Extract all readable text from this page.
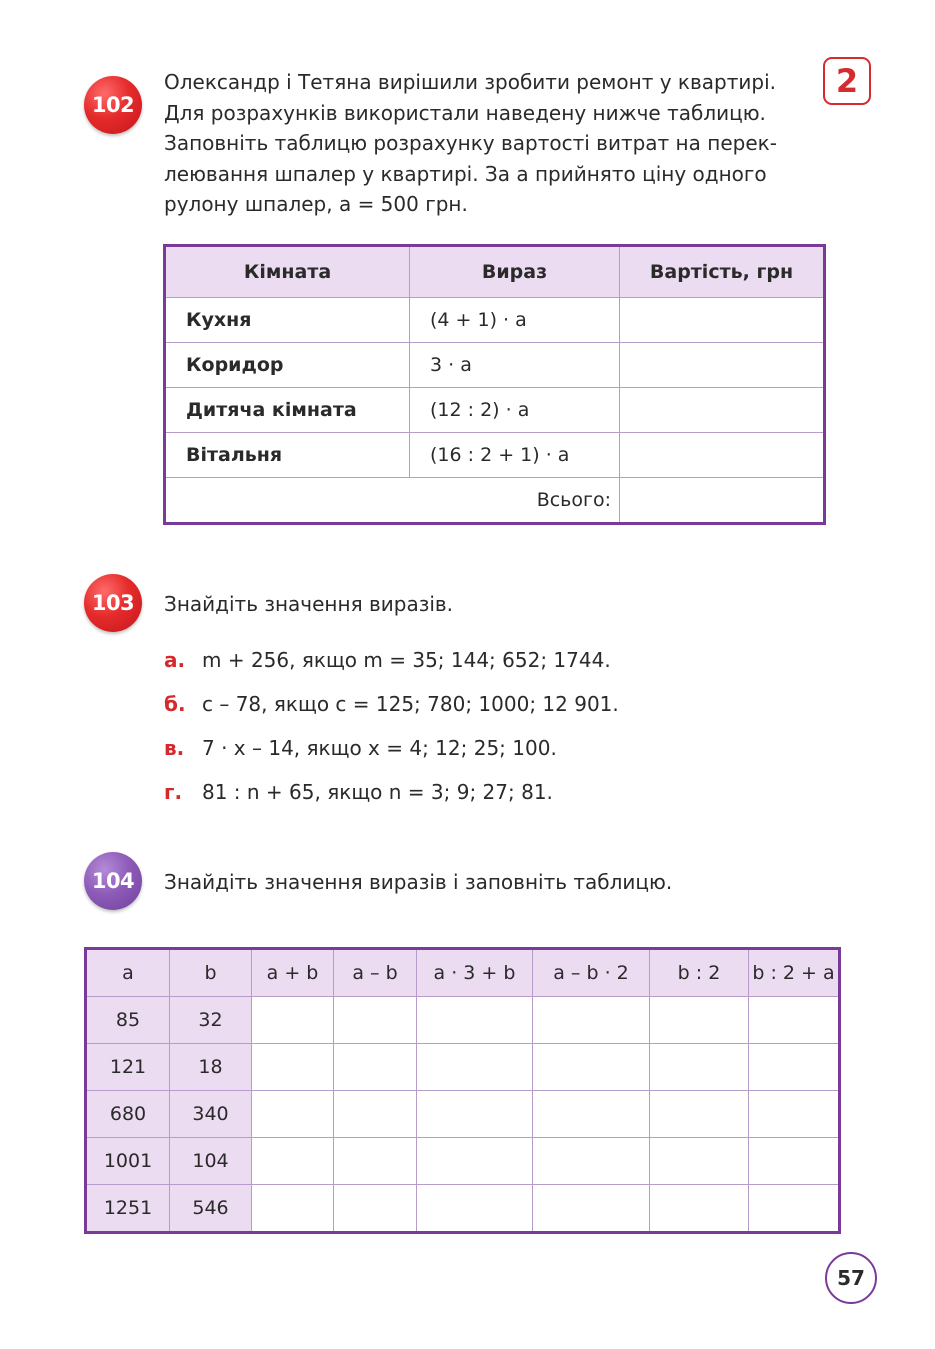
2
102
Олександр і Тетяна вирішили зробити ремонт у квартирі.
Для розрахунків використали наведену нижче таблицю.
Заповніть таблицю розрахунку вартості витрат на перек-
леювання шпалер у квартирі. За а прийнято ціну одного
рулону шпалер, а = 500 грн.
Кімната	Вираз	Вартість, грн
Кухня	(4 + 1) · а	
Коридор	3 · а	
Дитяча кімната	(12 : 2) · а	
Вітальня	(16 : 2 + 1) · а	
Всього:		
103	Знайдіть значення виразів.
а. m + 256, якщо m = 35; 144; 652; 1744.
б. с – 78, якщо с = 125; 780; 1000; 12 901.
в. 7 · х – 14, якщо х = 4; 12; 25; 100.
г. 81 : n + 65, якщо n = 3; 9; 27; 81.
104	Знайдіть значення виразів і заповніть таблицю.
a	b	a + b	a – b	a · 3 + b	a – b · 2	b : 2	b : 2 + a
85	32						
121	18						
680	340						
1001	104						
1251	546						
57
